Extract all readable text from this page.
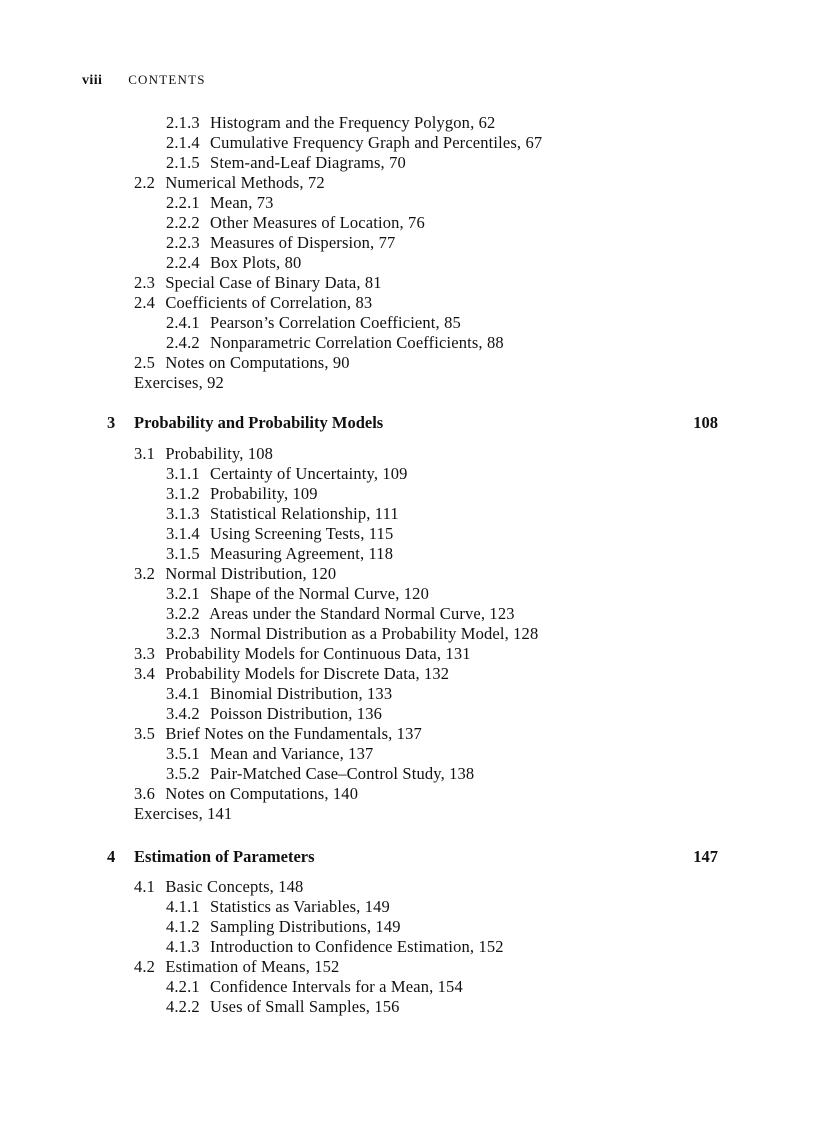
viii CONTENTS
2.1.3 Histogram and the Frequency Polygon, 62
2.1.4 Cumulative Frequency Graph and Percentiles, 67
2.1.5 Stem-and-Leaf Diagrams, 70
2.2 Numerical Methods, 72
2.2.1 Mean, 73
2.2.2 Other Measures of Location, 76
2.2.3 Measures of Dispersion, 77
2.2.4 Box Plots, 80
2.3 Special Case of Binary Data, 81
2.4 Coefficients of Correlation, 83
2.4.1 Pearson’s Correlation Coefficient, 85
2.4.2 Nonparametric Correlation Coefficients, 88
2.5 Notes on Computations, 90
Exercises, 92
3 Probability and Probability Models	108
3.1 Probability, 108
3.1.1 Certainty of Uncertainty, 109
3.1.2 Probability, 109
3.1.3 Statistical Relationship, 111
3.1.4 Using Screening Tests, 115
3.1.5 Measuring Agreement, 118
3.2 Normal Distribution, 120
3.2.1 Shape of the Normal Curve, 120
3.2.2 Areas under the Standard Normal Curve, 123
3.2.3 Normal Distribution as a Probability Model, 128
3.3 Probability Models for Continuous Data, 131
3.4 Probability Models for Discrete Data, 132
3.4.1 Binomial Distribution, 133
3.4.2 Poisson Distribution, 136
3.5 Brief Notes on the Fundamentals, 137
3.5.1 Mean and Variance, 137
3.5.2 Pair-Matched Case–Control Study, 138
3.6 Notes on Computations, 140
Exercises, 141
4 Estimation of Parameters	147
4.1 Basic Concepts, 148
4.1.1 Statistics as Variables, 149
4.1.2 Sampling Distributions, 149
4.1.3 Introduction to Confidence Estimation, 152
4.2 Estimation of Means, 152
4.2.1 Confidence Intervals for a Mean, 154
4.2.2 Uses of Small Samples, 156
